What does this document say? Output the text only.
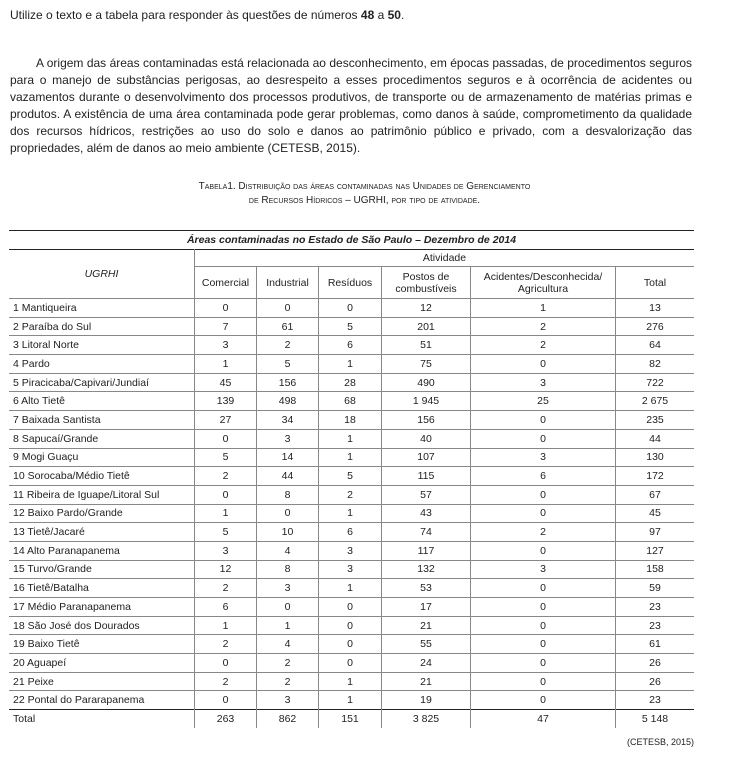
Utilize o texto e a tabela para responder às questões de números 48 a 50.

A origem das áreas contaminadas está relacionada ao desconhecimento, em épocas passadas, de procedimentos seguros para o manejo de substâncias perigosas, ao desrespeito a esses procedimentos seguros e à ocorrência de acidentes ou vazamentos durante o desenvolvimento dos processos produtivos, de transporte ou de armazenamento de matérias primas e produtos. A existência de uma área contaminada pode gerar problemas, como danos à saúde, comprometimento da qualidade dos recursos hídricos, restrições ao uso do solo e danos ao patrimônio público e privado, com a desvalorização das propriedades, além de danos ao meio ambiente (CETESB, 2015).

Tabela1. Distribuição das áreas contaminadas nas Unidades de Gerenciamento
de Recursos Hídricos – UGRHI, por tipo de atividade.
Áreas contaminadas no Estado de São Paulo – Dezembro de 2014						
UGRHI	Atividade					
	Comercial	Industrial	Resíduos	Postos de combustíveis	Acidentes/Desconhecida/ Agricultura	Total
1 Mantiqueira	0	0	0	12	1	13
2 Paraíba do Sul	7	61	5	201	2	276
3 Litoral Norte	3	2	6	51	2	64
4 Pardo	1	5	1	75	0	82
5 Piracicaba/Capivari/Jundiaí	45	156	28	490	3	722
6 Alto Tietê	139	498	68	1 945	25	2 675
7 Baixada Santista	27	34	18	156	0	235
8 Sapucaí/Grande	0	3	1	40	0	44
9 Mogi Guaçu	5	14	1	107	3	130
10 Sorocaba/Médio Tietê	2	44	5	115	6	172
11 Ribeira de Iguape/Litoral Sul	0	8	2	57	0	67
12 Baixo Pardo/Grande	1	0	1	43	0	45
13 Tietê/Jacaré	5	10	6	74	2	97
14 Alto Paranapanema	3	4	3	117	0	127
15 Turvo/Grande	12	8	3	132	3	158
16 Tietê/Batalha	2	3	1	53	0	59
17 Médio Paranapanema	6	0	0	17	0	23
18 São José dos Dourados	1	1	0	21	0	23
19 Baixo Tietê	2	4	0	55	0	61
20 Aguapeí	0	2	0	24	0	26
21 Peixe	2	2	1	21	0	26
22 Pontal do Pararapanema	0	3	1	19	0	23
Total	263	862	151	3 825	47	5 148
(CETESB, 2015)
